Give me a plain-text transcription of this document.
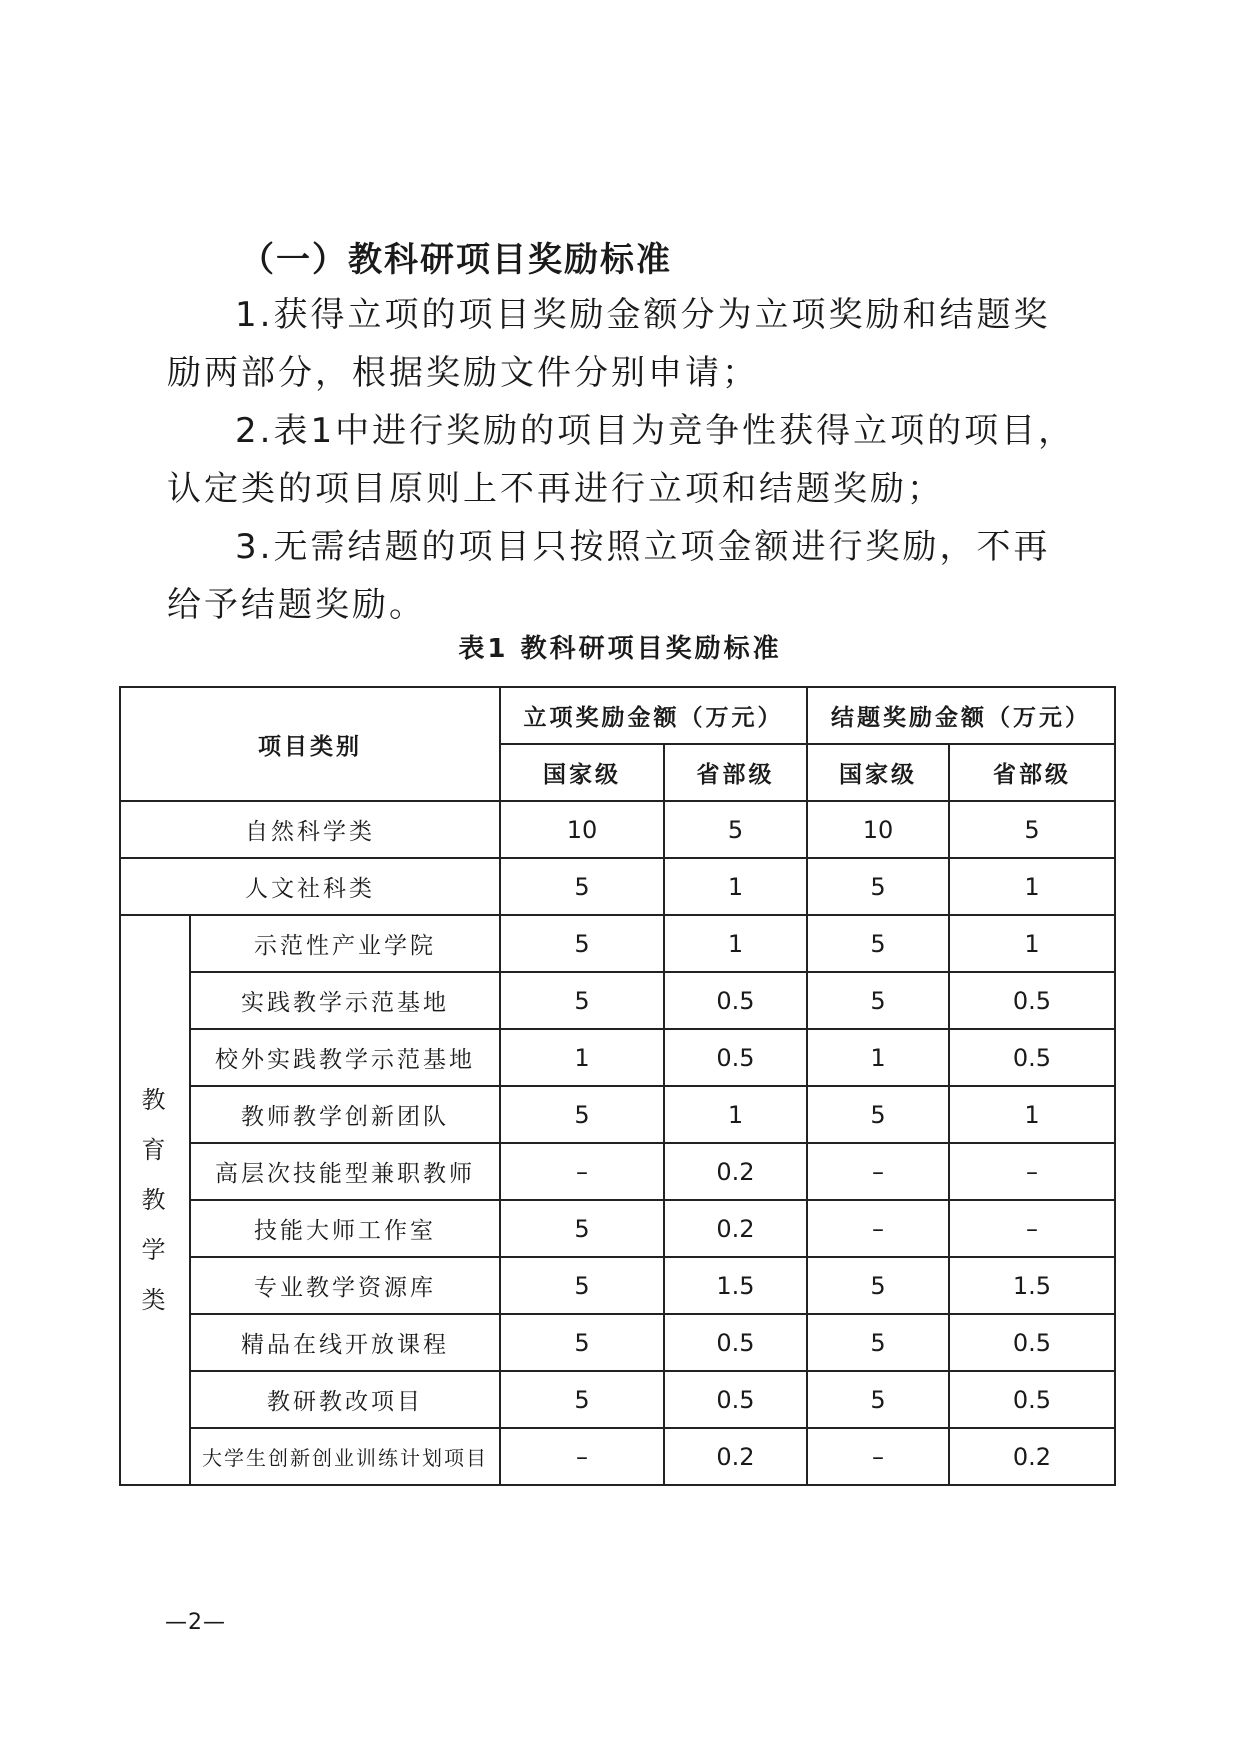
（一）教科研项目奖励标准

1.获得立项的项目奖励金额分为立项奖励和结题奖励两部分，根据奖励文件分别申请；

2.表1中进行奖励的项目为竞争性获得立项的项目，认定类的项目原则上不再进行立项和结题奖励；

3.无需结题的项目只按照立项金额进行奖励，不再给予结题奖励。

表1 教科研项目奖励标准

项目类别		立项奖励金额（万元）		结题奖励金额（万元）	
		国家级	省部级	国家级	省部级
自然科学类		10	5	10	5
人文社科类		5	1	5	1

教
育
教
学
类	示范性产业学院	5	1	5	1
	实践教学示范基地	5	0.5	5	0.5
	校外实践教学示范基地	1	0.5	1	0.5
	教师教学创新团队	5	1	5	1
	高层次技能型兼职教师	–	0.2	–	–
	技能大师工作室	5	0.2	–	–
	专业教学资源库	5	1.5	5	1.5
	精品在线开放课程	5	0.5	5	0.5
	教研教改项目	5	0.5	5	0.5
	大学生创新创业训练计划项目	–	0.2	–	0.2

—2—
